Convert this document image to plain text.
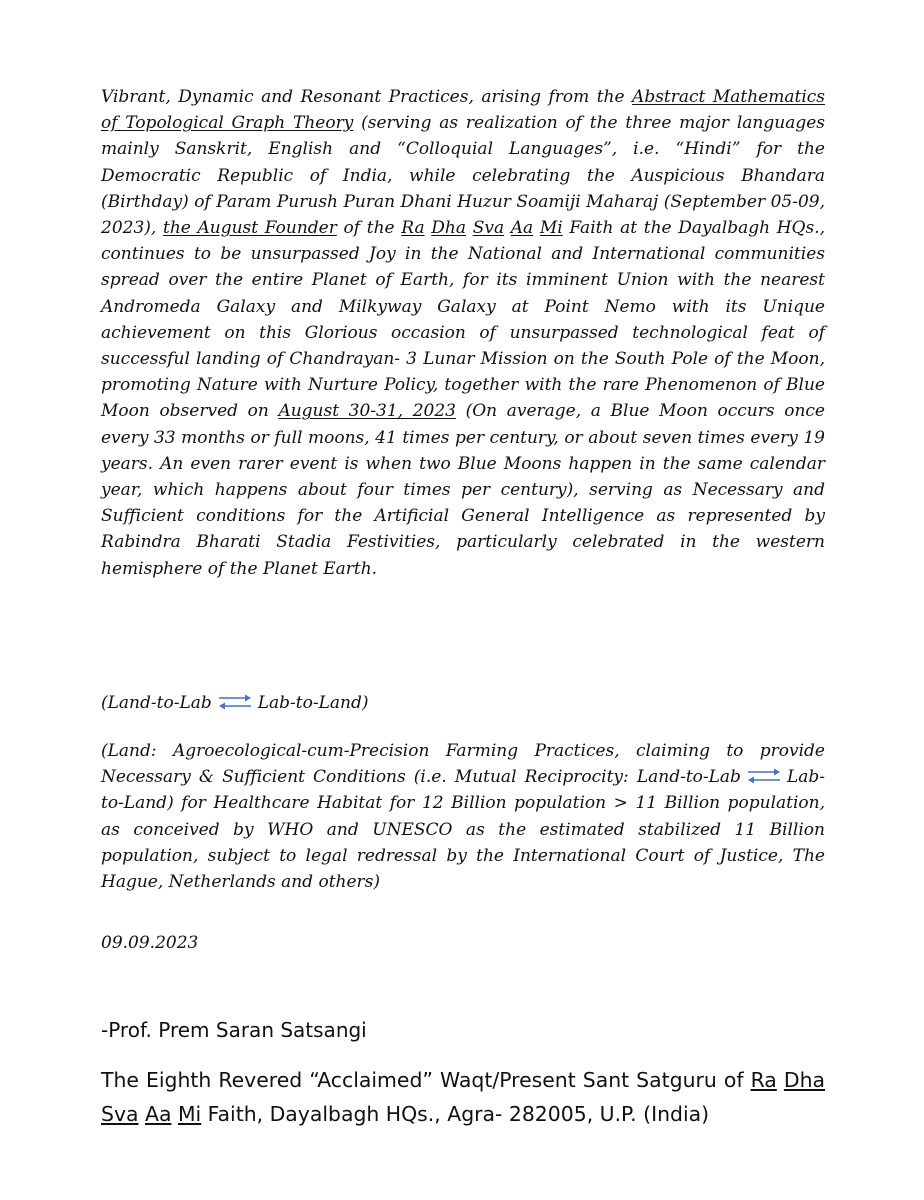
Vibrant, Dynamic and Resonant Practices, arising from the Abstract Mathematics of Topological Graph Theory (serving as realization of the three major languages mainly Sanskrit, English and “Colloquial Languages”, i.e. “Hindi” for the Democratic Republic of India, while celebrating the Auspicious Bhandara (Birthday) of Param Purush Puran Dhani Huzur Soamiji Maharaj (September 05-09, 2023), the August Founder of the Ra Dha Sva Aa Mi Faith at the Dayalbagh HQs., continues to be unsurpassed Joy in the National and International communities spread over the entire Planet of Earth, for its imminent Union with the nearest Andromeda Galaxy and Milkyway Galaxy at Point Nemo with its Unique achievement on this Glorious occasion of unsurpassed technological feat of successful landing of Chandrayan- 3 Lunar Mission on the South Pole of the Moon, promoting Nature with Nurture Policy, together with the rare Phenomenon of Blue Moon observed on August 30-31, 2023 (On average, a Blue Moon occurs once every 33 months or full moons, 41 times per century, or about seven times every 19 years. An even rarer event is when two Blue Moons happen in the same calendar year, which happens about four times per century), serving as Necessary and Sufficient conditions for the Artificial General Intelligence as represented by Rabindra Bharati Stadia Festivities, particularly celebrated in the western hemisphere of the Planet Earth.

(Land-to-Lab	Lab-to-Land)

(Land: Agroecological-cum-Precision Farming Practices, claiming to provide Necessary & Sufficient Conditions (i.e. Mutual Reciprocity: Land-to-Lab	Lab-to-Land) for Healthcare Habitat for 12 Billion population > 11 Billion population, as conceived by WHO and UNESCO as the estimated stabilized 11 Billion population, subject to legal redressal by the International Court of Justice, The Hague, Netherlands and others)

09.09.2023

-Prof. Prem Saran Satsangi

The Eighth Revered “Acclaimed” Waqt/Present Sant Satguru of Ra Dha Sva Aa Mi Faith, Dayalbagh HQs., Agra- 282005, U.P. (India)
